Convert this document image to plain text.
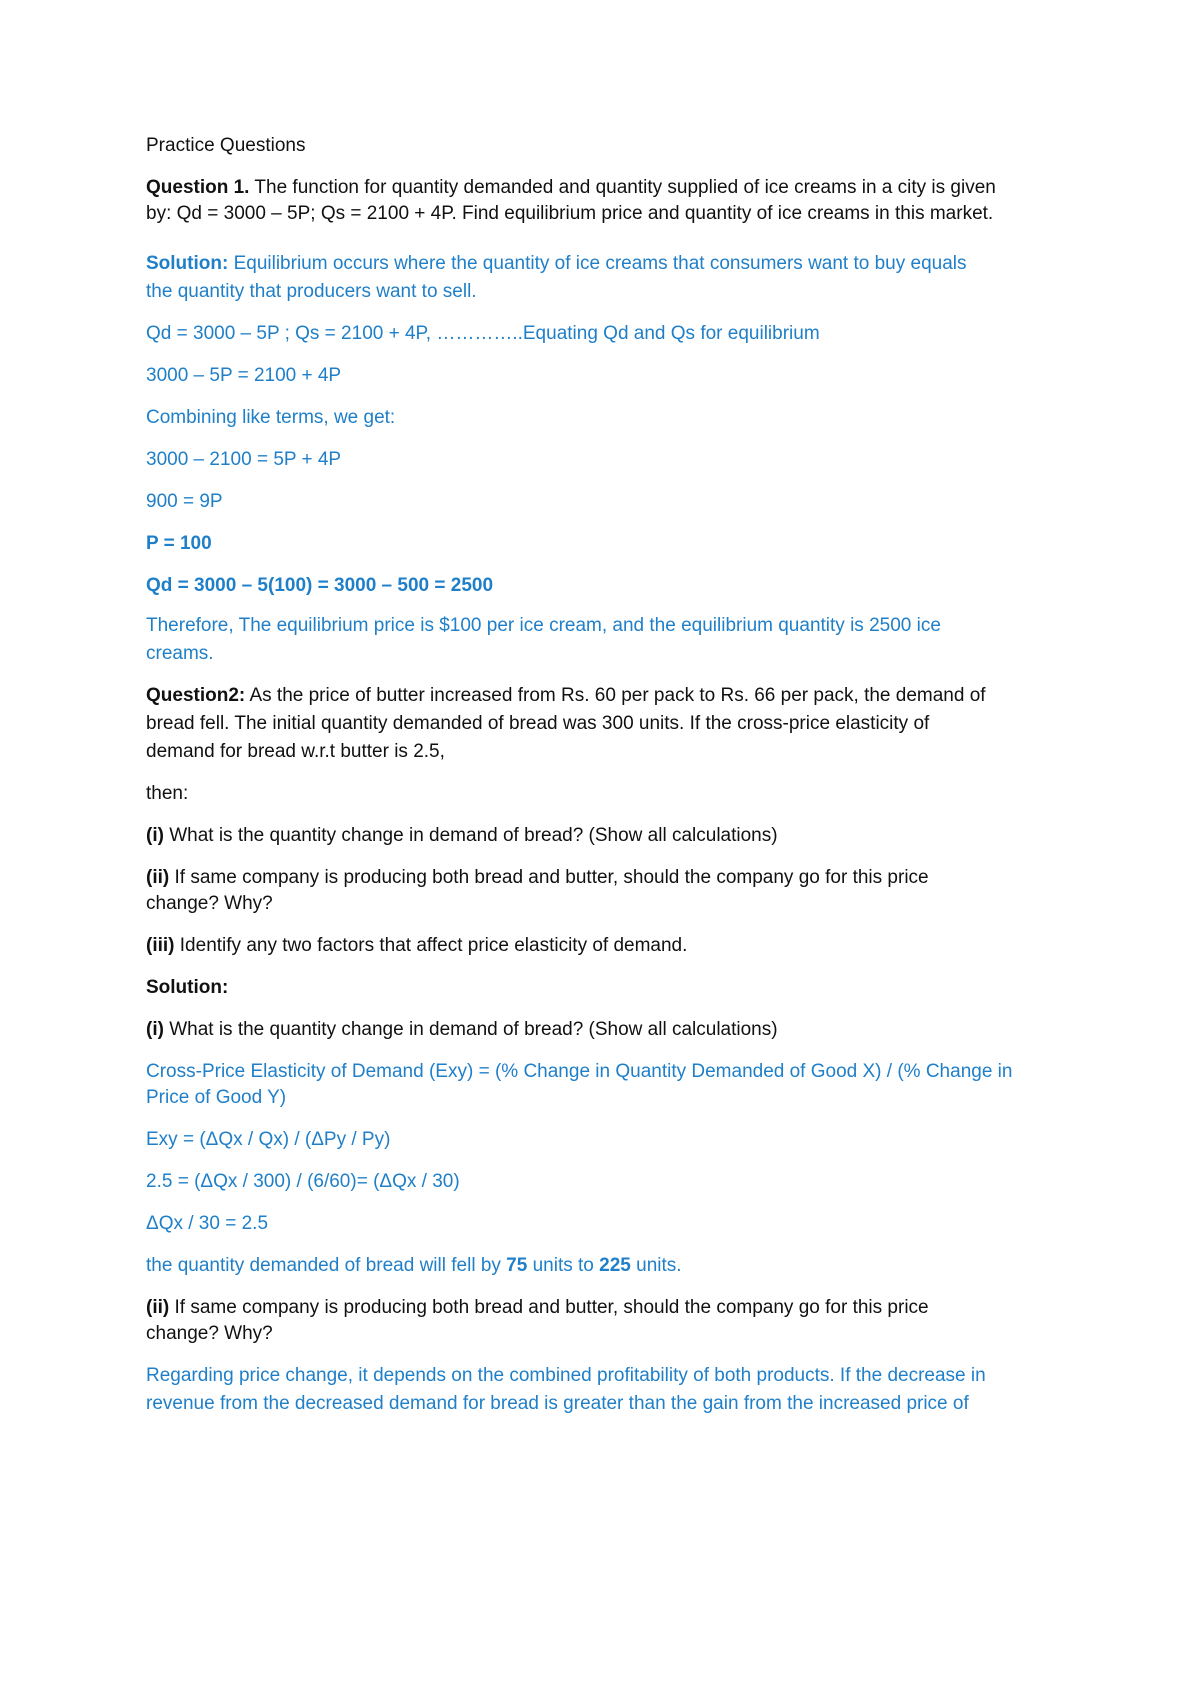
Practice Questions
Question 1. The function for quantity demanded and quantity supplied of ice creams in a city is given
by: Qd = 3000 – 5P; Qs = 2100 + 4P. Find equilibrium price and quantity of ice creams in this market.
Solution: Equilibrium occurs where the quantity of ice creams that consumers want to buy equals
the quantity that producers want to sell.
Qd = 3000 – 5P ; Qs = 2100 + 4P, …………..Equating Qd and Qs for equilibrium
3000 – 5P = 2100 + 4P
Combining like terms, we get:
3000 – 2100 = 5P + 4P
900 = 9P
P = 100
Qd = 3000 – 5(100) = 3000 – 500 = 2500
Therefore, The equilibrium price is $100 per ice cream, and the equilibrium quantity is 2500 ice
creams.
Question2: As the price of butter increased from Rs. 60 per pack to Rs. 66 per pack, the demand of
bread fell. The initial quantity demanded of bread was 300 units. If the cross-price elasticity of
demand for bread w.r.t butter is 2.5,
then:
(i) What is the quantity change in demand of bread? (Show all calculations)
(ii) If same company is producing both bread and butter, should the company go for this price
change? Why?
(iii) Identify any two factors that affect price elasticity of demand.
Solution:
(i) What is the quantity change in demand of bread? (Show all calculations)
Cross-Price Elasticity of Demand (Exy) = (% Change in Quantity Demanded of Good X) / (% Change in
Price of Good Y)
Exy = (ΔQx / Qx) / (ΔPy / Py)
2.5 = (ΔQx / 300) / (6/60)= (ΔQx / 30)
ΔQx / 30 = 2.5
the quantity demanded of bread will fell by 75 units to 225 units.
(ii) If same company is producing both bread and butter, should the company go for this price
change? Why?
Regarding price change, it depends on the combined profitability of both products. If the decrease in
revenue from the decreased demand for bread is greater than the gain from the increased price of
